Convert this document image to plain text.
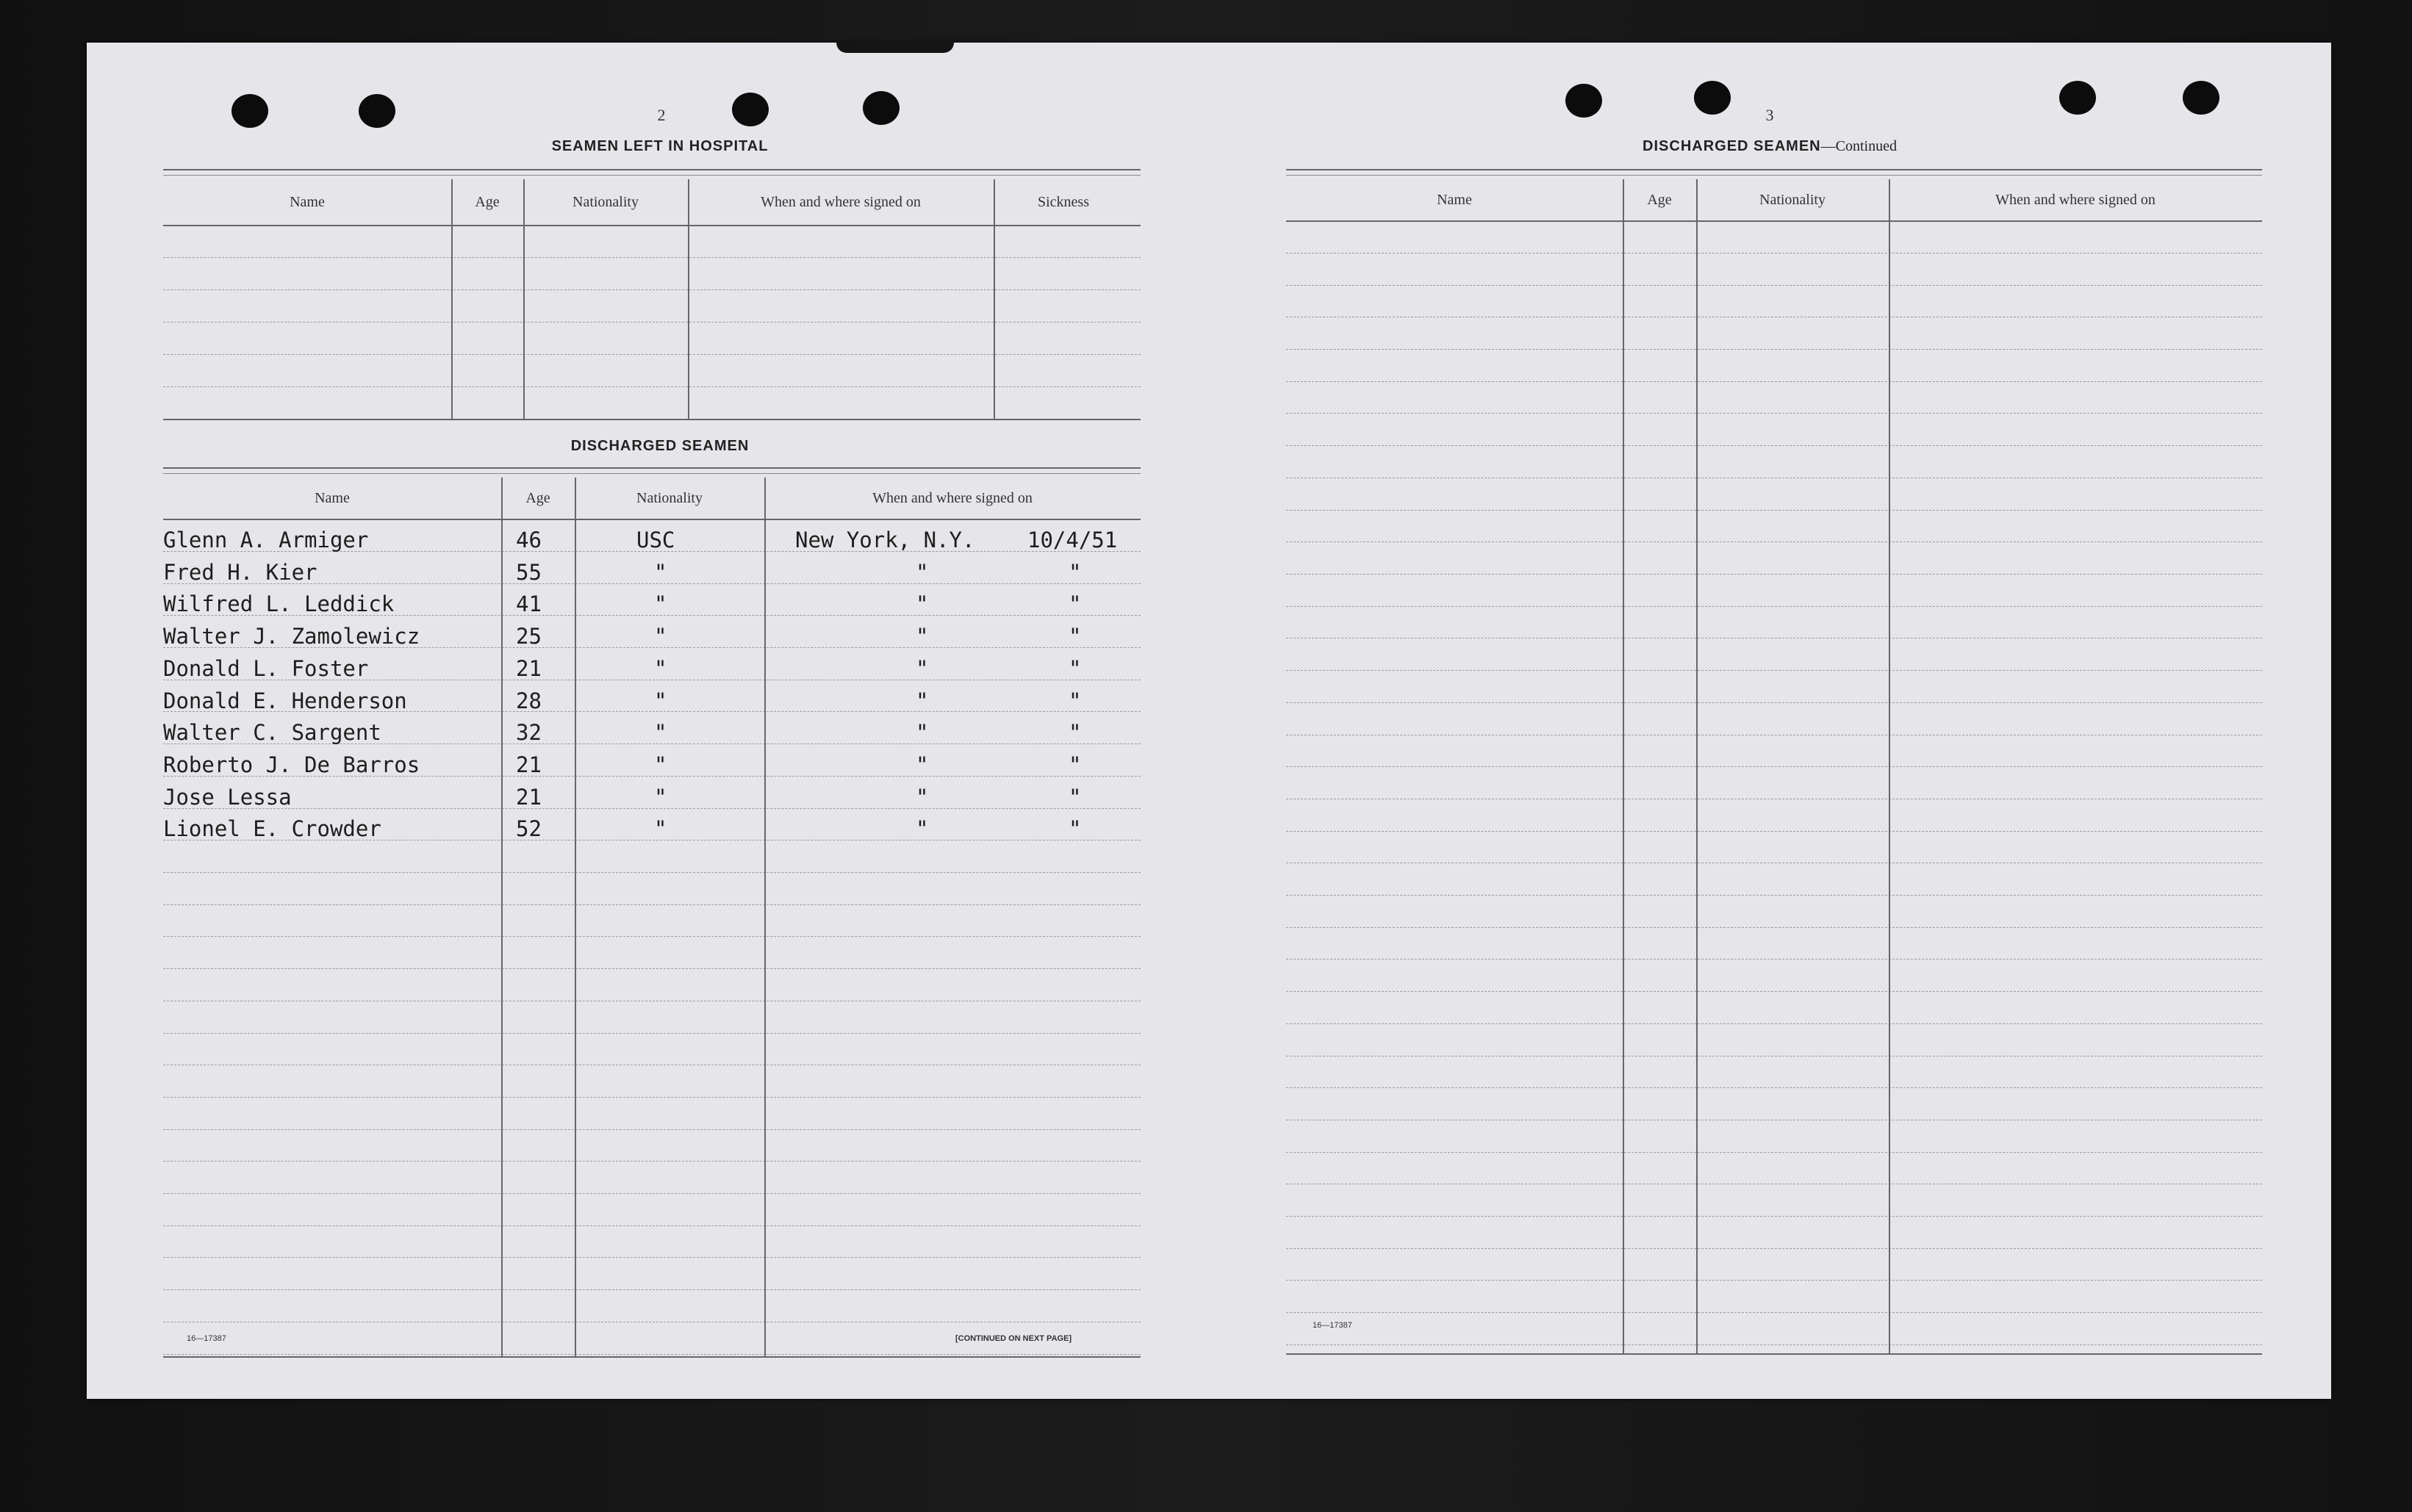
2
SEAMEN LEFT IN HOSPITAL
Name	Age	Nationality	When and where signed on	Sickness
DISCHARGED SEAMEN
Name	Age	Nationality	When and where signed on
Glenn A. Armiger	46	USC	New York, N.Y. 10/4/51
Fred H. Kier	55	"	"	"
Wilfred L. Leddick	41	"	"	"
Walter J. Zamolewicz	25	"	"	"
Donald L. Foster	21	"	"	"
Donald E. Henderson	28	"	"	"
Walter C. Sargent	32	"	"	"
Roberto J. De Barros	21	"	"	"
Jose Lessa	21	"	"	"
Lionel E. Crowder	52	"	"	"
16—17387	[CONTINUED ON NEXT PAGE]
3
DISCHARGED SEAMEN—Continued
Name	Age	Nationality	When and where signed on
16—17387
